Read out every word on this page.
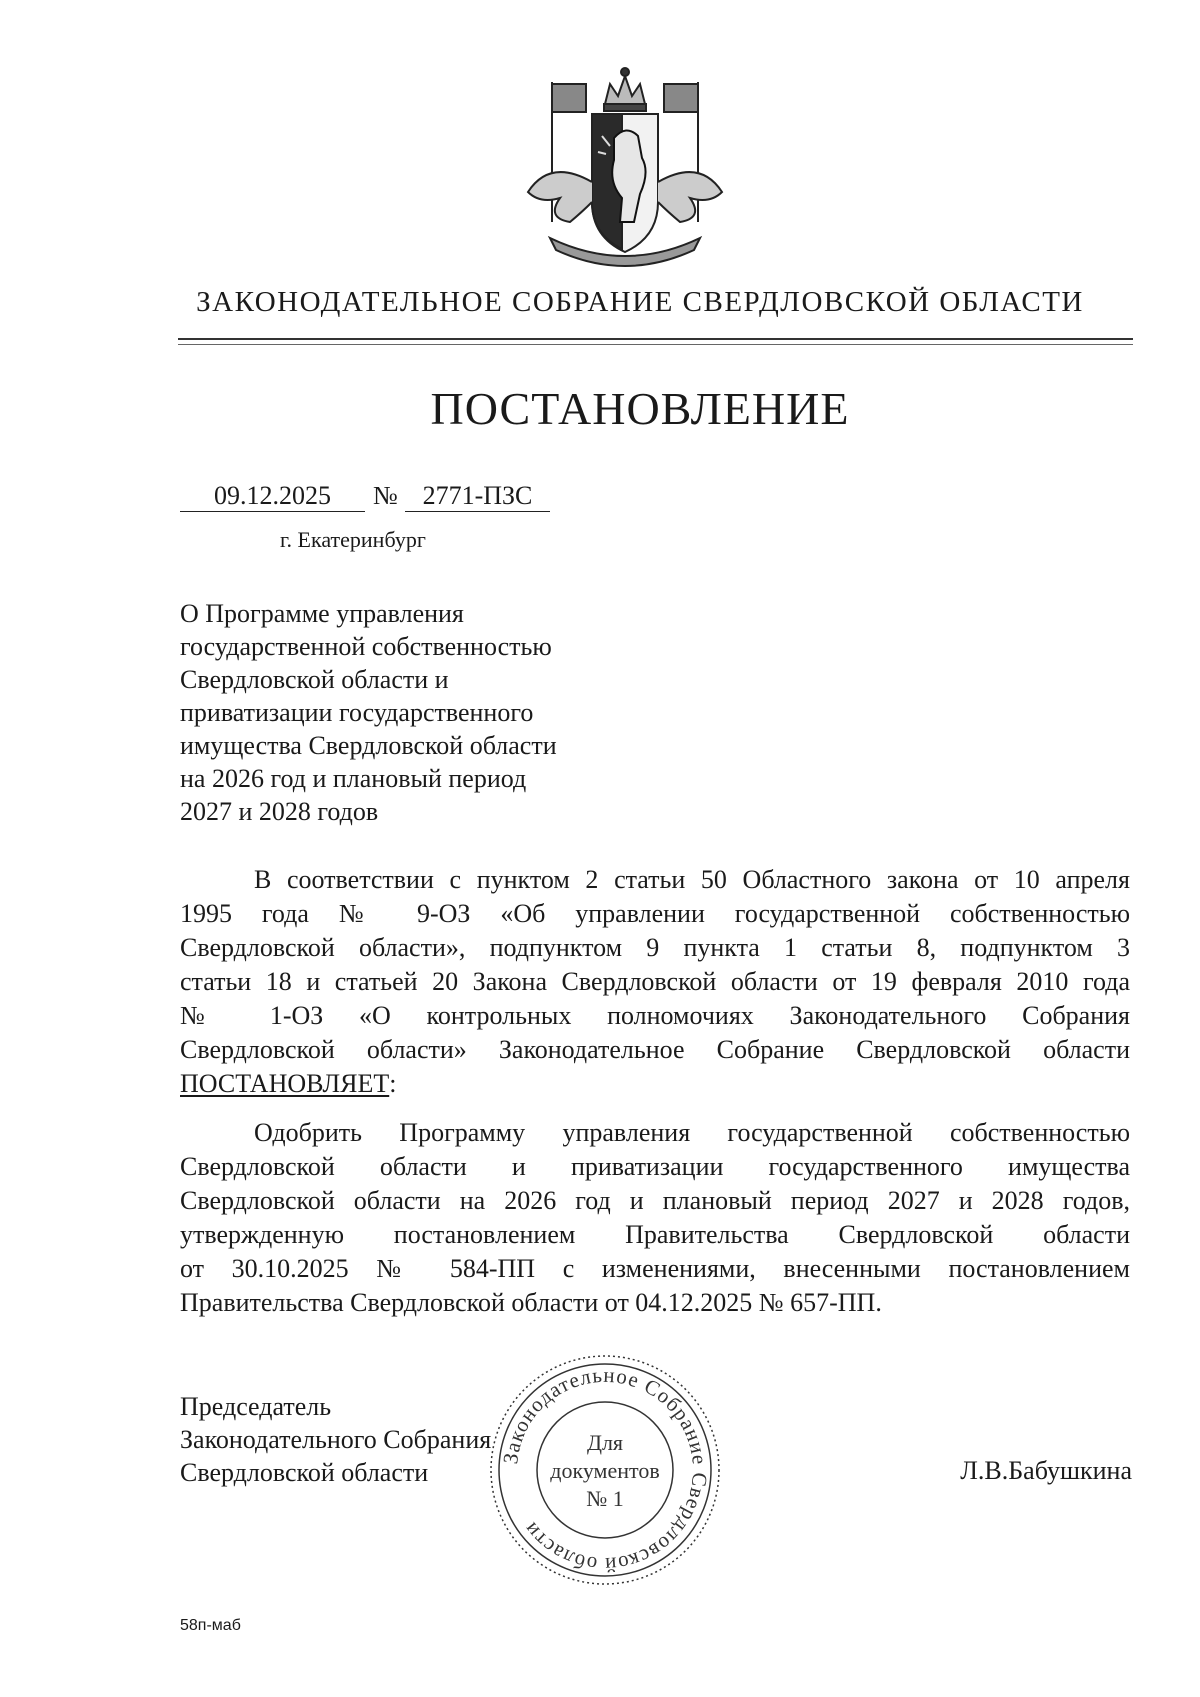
ЗАКОНОДАТЕЛЬНОЕ СОБРАНИЕ СВЕРДЛОВСКОЙ ОБЛАСТИ
ПОСТАНОВЛЕНИЕ
09.12.2025	№ 2771-ПЗС
г. Екатеринбург
О Программе управления
государственной собственностью
Свердловской области и
приватизации государственного
имущества Свердловской области
на 2026 год и плановый период
2027 и 2028 годов
В соответствии с пунктом 2 статьи 50 Областного закона от 10 апреля
1995 года № 9-ОЗ «Об управлении государственной собственностью
Свердловской области», подпунктом 9 пункта 1 статьи 8, подпунктом 3
статьи 18 и статьей 20 Закона Свердловской области от 19 февраля 2010 года
№ 1-ОЗ «О контрольных полномочиях Законодательного Собрания
Свердловской области» Законодательное Собрание Свердловской области
ПОСТАНОВЛЯЕТ:
Одобрить Программу управления государственной собственностью
Свердловской области и приватизации государственного имущества
Свердловской области на 2026 год и плановый период 2027 и 2028 годов,
утвержденную постановлением Правительства Свердловской области
от 30.10.2025 № 584-ПП с изменениями, внесенными постановлением
Правительства Свердловской области от 04.12.2025 № 657-ПП.
Председатель
Законодательного Собрания
Свердловской области	Л.В.Бабушкина
Законодательное Собрание Свердловской области
Для
документов
№ 1
58п-маб
